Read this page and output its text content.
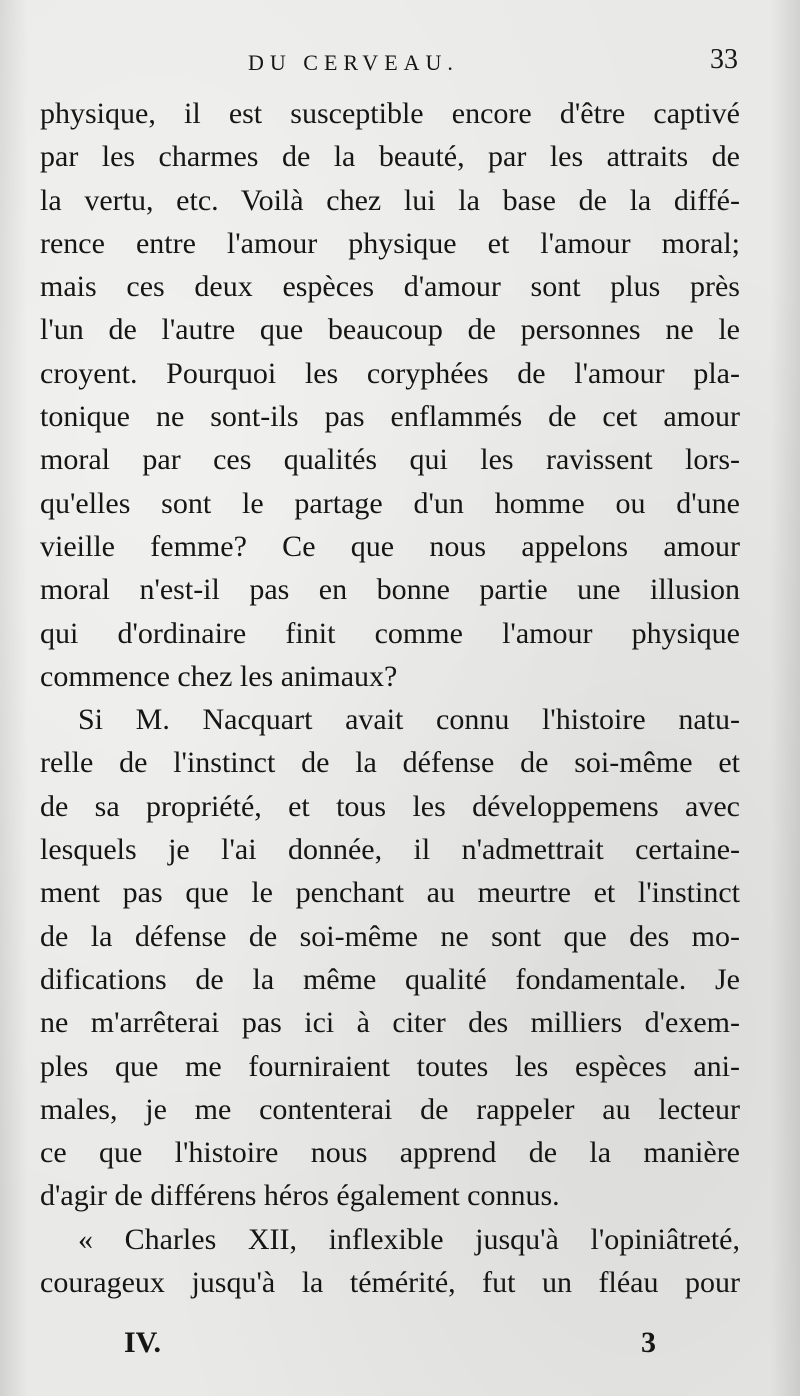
DU CERVEAU.	33
physique, il est susceptible encore d'être captivé
par les charmes de la beauté, par les attraits de
la vertu, etc. Voilà chez lui la base de la diffé-
rence entre l'amour physique et l'amour moral;
mais ces deux espèces d'amour sont plus près
l'un de l'autre que beaucoup de personnes ne le
croyent. Pourquoi les coryphées de l'amour pla-
tonique ne sont-ils pas enflammés de cet amour
moral par ces qualités qui les ravissent lors-
qu'elles sont le partage d'un homme ou d'une
vieille femme? Ce que nous appelons amour
moral n'est-il pas en bonne partie une illusion
qui d'ordinaire finit comme l'amour physique
commence chez les animaux?
Si M. Nacquart avait connu l'histoire natu-
relle de l'instinct de la défense de soi-même et
de sa propriété, et tous les développemens avec
lesquels je l'ai donnée, il n'admettrait certaine-
ment pas que le penchant au meurtre et l'instinct
de la défense de soi-même ne sont que des mo-
difications de la même qualité fondamentale. Je
ne m'arrêterai pas ici à citer des milliers d'exem-
ples que me fourniraient toutes les espèces ani-
males, je me contenterai de rappeler au lecteur
ce que l'histoire nous apprend de la manière
d'agir de différens héros également connus.
« Charles XII, inflexible jusqu'à l'opiniâtreté,
courageux jusqu'à la témérité, fut un fléau pour
IV.	3
